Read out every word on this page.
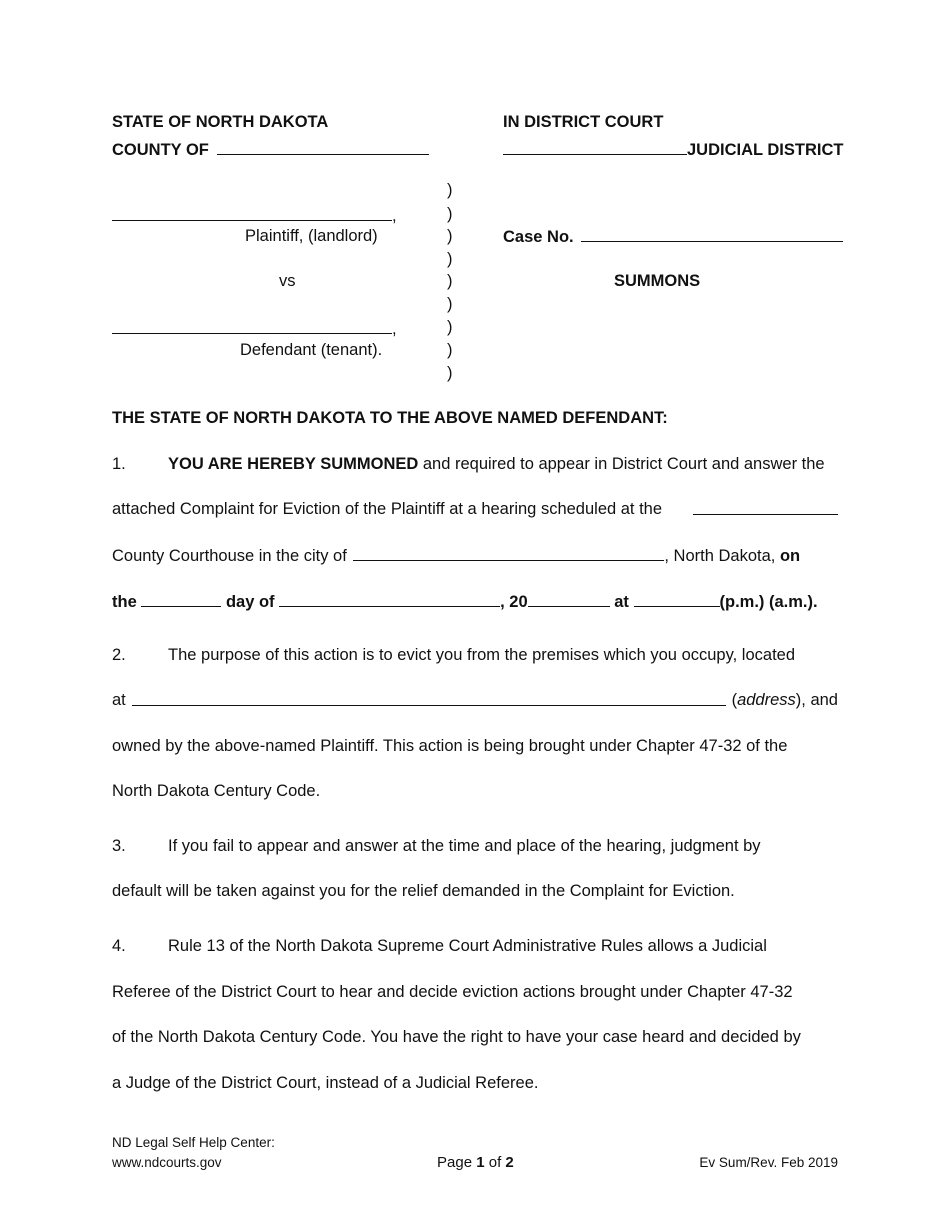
STATE OF NORTH DAKOTA
COUNTY OF
IN DISTRICT COURT
JUDICIAL DISTRICT
,
Plaintiff, (landlord)
vs
,
Defendant (tenant).
)
)
)
)
)
)
)
)
)
Case No.
SUMMONS
THE STATE OF NORTH DAKOTA TO THE ABOVE NAMED DEFENDANT:
1.	YOU ARE HEREBY SUMMONED and required to appear in District Court and answer the
attached Complaint for Eviction of the Plaintiff at a hearing scheduled at the
County Courthouse in the city of	, North Dakota, on
the	day of	, 20	at	(p.m.) (a.m.).
2.	The purpose of this action is to evict you from the premises which you occupy, located
at	(address), and
owned by the above-named Plaintiff. This action is being brought under Chapter 47-32 of the
North Dakota Century Code.
3.	If you fail to appear and answer at the time and place of the hearing, judgment by
default will be taken against you for the relief demanded in the Complaint for Eviction.
4.	Rule 13 of the North Dakota Supreme Court Administrative Rules allows a Judicial
Referee of the District Court to hear and decide eviction actions brought under Chapter 47-32
of the North Dakota Century Code. You have the right to have your case heard and decided by
a Judge of the District Court, instead of a Judicial Referee.
ND Legal Self Help Center:
www.ndcourts.gov	Page 1 of 2	Ev Sum/Rev. Feb 2019
